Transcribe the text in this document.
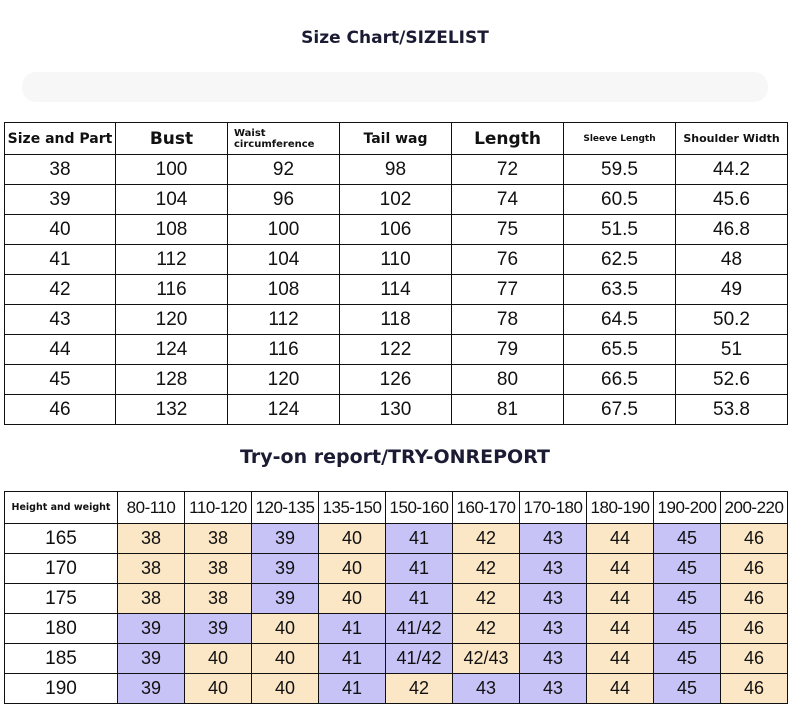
Size Chart/SIZELIST
Size and Part	Bust	Waist circumference	Tail wag	Length	Sleeve Length	Shoulder Width
38	100	92	98	72	59.5	44.2
39	104	96	102	74	60.5	45.6
40	108	100	106	75	51.5	46.8
41	112	104	110	76	62.5	48
42	116	108	114	77	63.5	49
43	120	112	118	78	64.5	50.2
44	124	116	122	79	65.5	51
45	128	120	126	80	66.5	52.6
46	132	124	130	81	67.5	53.8
Try-on report/TRY-ONREPORT
Height and weight	80-110	110-120	120-135	135-150	150-160	160-170	170-180	180-190	190-200	200-220
165	38	38	39	40	41	42	43	44	45	46
170	38	38	39	40	41	42	43	44	45	46
175	38	38	39	40	41	42	43	44	45	46
180	39	39	40	41	41/42	42	43	44	45	46
185	39	40	40	41	41/42	42/43	43	44	45	46
190	39	40	40	41	42	43	43	44	45	46
